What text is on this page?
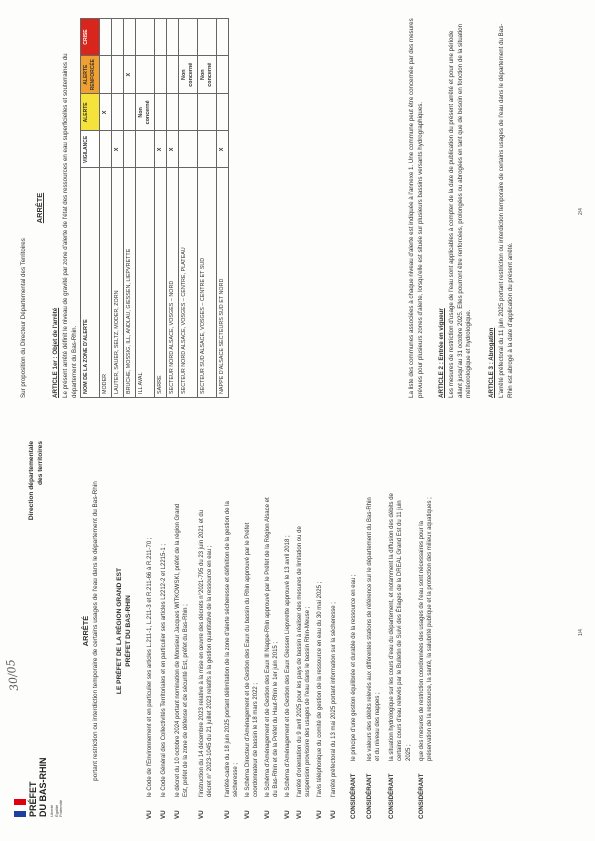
PRÉFET DU BAS-RHIN Liberté Égalité Fraternité
30/05
Direction départementale des territoires
ARRÊTÉ portant restriction ou interdiction temporaire de certains usages de l'eau dans le département du Bas-Rhin	LE PRÉFET DE LA RÉGION GRAND EST PRÉFET DU BAS-RHIN
VU
le Code de l'Environnement et en particulier ses articles L.211-1, L.211-3 et R.211-66 à R.211-70 ;
VU
le Code Général des Collectivités Territoriales et en particulier ses articles L2212-2 et L2215-1 ;
VU
le décret du 10 octobre 2024 portant nomination de Monsieur Jacques WITKOWSKI, préfet de la région Grand Est, préfet de la zone de défense et de sécurité Est, préfet du Bas-Rhin ;
VU
l'instruction du 14 décembre 2023 relative à la mise en œuvre des décrets n°2021-795 du 23 juin 2021 et du décret n° 2023-1045 du 21 juillet 2023 relatifs à la gestion quantitative de la ressource en eau ;
VU
l'arrêté-cadre du 18 juin 2025 portant délimitation de la zone d'alerte sécheresse et définition de la gestion de la sécheresse ;
VU
le Schéma Directeur d'Aménagement et de Gestion des Eaux du bassin du Rhin approuvé par le Préfet coordonnateur de bassin le 18 mars 2022 ;
VU
le Schéma d'Aménagement et de Gestion des Eaux Ill Nappe-Rhin approuvé par le Préfet de la Région Alsace et du Bas-Rhin et de la Préfet du Haut-Rhin le 1er juin 2015 ;
VU
le Schéma d'Aménagement et de Gestion des Eaux Giessen Liepvrette approuvé le 13 avril 2018 ;
VU
l'arrêté d'orientation du 9 avril 2025 pour les pays de bassin à réaliser des mesures de limitation ou de suspension provisoire des usages de l'eau dans le bassin Rhin-Meuse ;
VU
l'avis téléphonique du comité de gestion de la ressource en eau du 30 mai 2025 ;
VU
l'arrêté préfectoral du 13 mai 2025 portant information sur la sécheresse ; CONSIDÉRANT
le principe d'une gestion équilibrée et durable de la ressource en eau ;
CONSIDÉRANT
les valeurs des débits relevés aux différentes stations de référence sur le département du Bas-Rhin et du niveau des nappes ;
CONSIDÉRANT
la situation hydrologique sur les cours d'eau du département, et notamment la diffusion des débits de certains cours d'eau relevés par le Bulletin de Suivi des Étiages de la DREAL Grand Est du 11 juin 2025 ;
CONSIDÉRANT
que des mesures de restriction coordonnées des usages de l'eau sont nécessaires pour la préservation de la ressource, la santé, la salubrité publique et la protection des milieux aquatiques ;	1/4
Sur proposition du Directeur Départemental des Territoires
ARRÊTE
ARTICLE 1er : Objet de l'arrêté Le présent arrêté définit le niveau de gravité par zone d'alerte de l'état des ressources en eau superficielles et souterraines du département du Bas-Rhin. NOM DE LA ZONE D'ALERTE	VIGILANCE	ALERTE	ALERTE RENFORCÉE	CRISE
MODER		X		
LAUTER, SAUER, SELTZ, MODER, ZORN	X			
BRUCHE, MOSSIG, ILL, ANDLAU, GIESSEN, LIEPVRETTE			X	
ILL AVAL		Non concerné		
SARRE	X			
SECTEUR NORD ALSACE, VOSGES – NORD	X			
SECTEUR NORD ALSACE, VOSGES – CENTRE, PLATEAU			Non concerné	
SECTEUR SUD ALSACE, VOSGES – CENTRE ET SUD			Non concerné	
NAPPE D'ALSACE SECTEURS SUD ET NORD	X				La liste des communes associées à chaque niveau d'alerte est indiquée à l'annexe 1. Une commune peut être concernée par des mesures prévues pour plusieurs zones d'alerte, lorsqu'elle est située sur plusieurs bassins versants hydrographiques. ARTICLE 2 : Entrée en vigueur Les mesures de restriction d'usage de l'eau sont applicables à compter de la date de publication du présent arrêté et pour une période allant jusqu'au 31 octobre 2025. Elles pourront être renforcées, prolongées ou abrogées en tant que de besoin en fonction de la situation météorologique et hydrologique.	ARTICLE 3 : Abrogation L'arrêté préfectoral du 11 juin 2025 portant restriction ou interdiction temporaire de certains usages de l'eau dans le département du Bas-Rhin est abrogé à la date d'application du présent arrêté.
2/4
